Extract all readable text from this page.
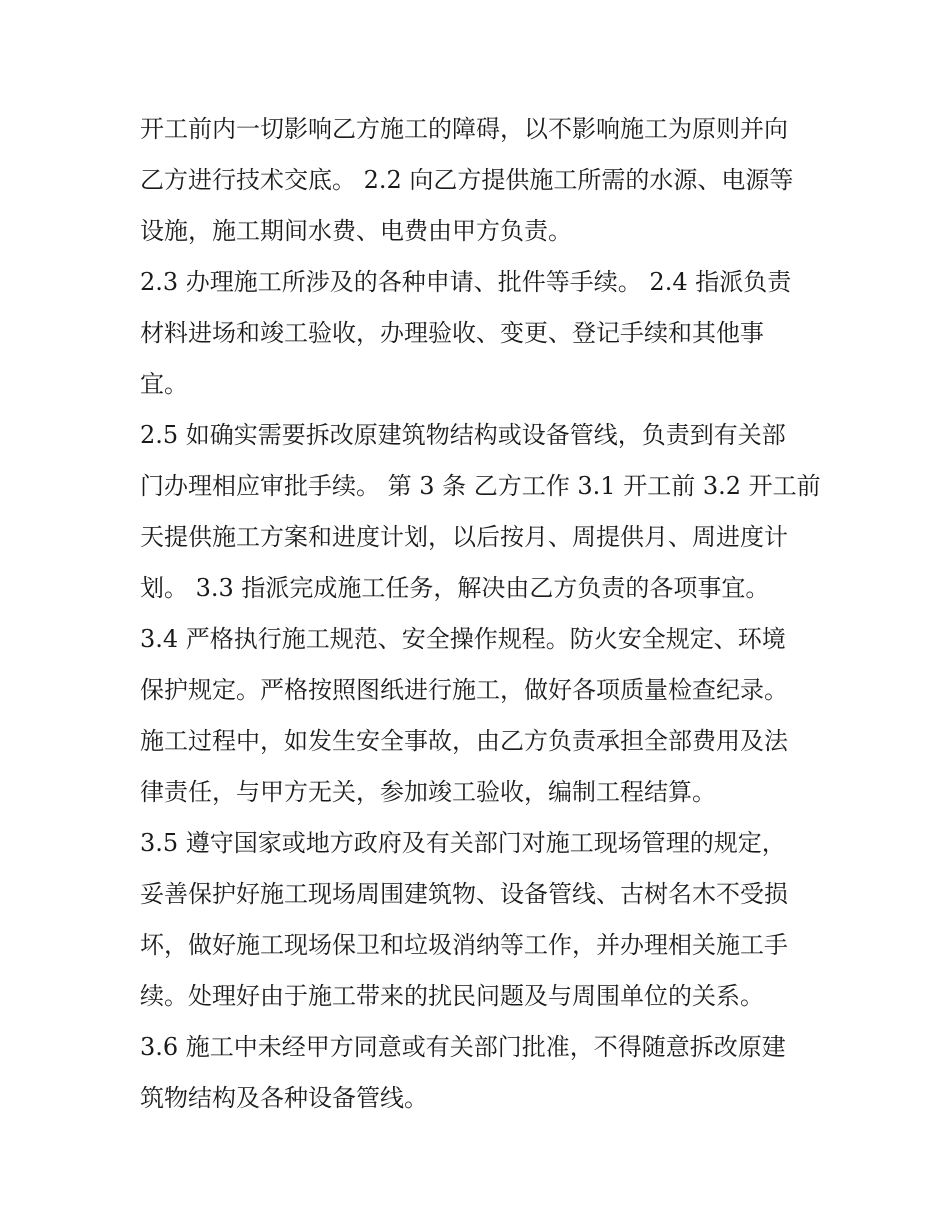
开工前内一切影响乙方施工的障碍，以不影响施工为原则并向
乙方进行技术交底。 2.2 向乙方提供施工所需的水源、电源等
设施，施工期间水费、电费由甲方负责。
2.3 办理施工所涉及的各种申请、批件等手续。 2.4 指派负责
材料进场和竣工验收，办理验收、变更、登记手续和其他事
宜。
2.5 如确实需要拆改原建筑物结构或设备管线，负责到有关部
门办理相应审批手续。 第 3 条 乙方工作 3.1 开工前 3.2 开工前
天提供施工方案和进度计划，以后按月、周提供月、周进度计
划。 3.3 指派完成施工任务，解决由乙方负责的各项事宜。
3.4 严格执行施工规范、安全操作规程。防火安全规定、环境
保护规定。严格按照图纸进行施工，做好各项质量检查纪录。
施工过程中，如发生安全事故，由乙方负责承担全部费用及法
律责任，与甲方无关，参加竣工验收，编制工程结算。
3.5 遵守国家或地方政府及有关部门对施工现场管理的规定，
妥善保护好施工现场周围建筑物、设备管线、古树名木不受损
坏，做好施工现场保卫和垃圾消纳等工作，并办理相关施工手
续。处理好由于施工带来的扰民问题及与周围单位的关系。
3.6 施工中未经甲方同意或有关部门批准，不得随意拆改原建
筑物结构及各种设备管线。
